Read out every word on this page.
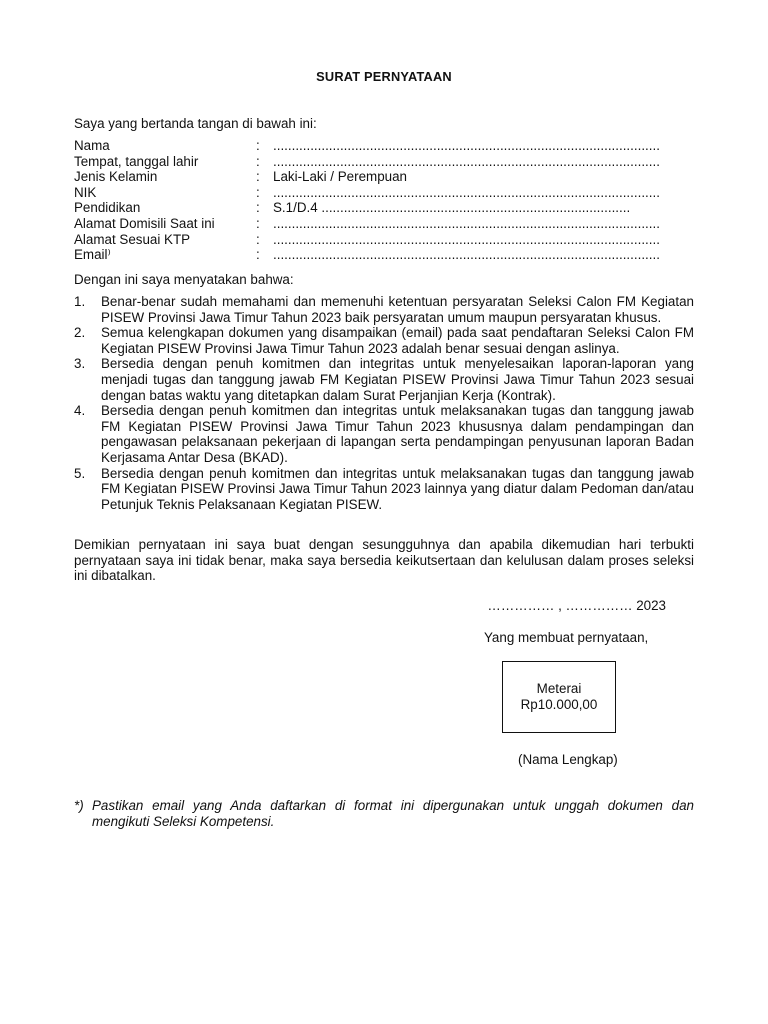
SURAT PERNYATAAN
Saya yang bertanda tangan di bawah ini:
Nama	: ........................................................................................................
Tempat, tanggal lahir	: ........................................................................................................
Jenis Kelamin	: Laki-Laki / Perempuan
NIK	: ........................................................................................................
Pendidikan	: S.1/D.4 ...................................................................................
Alamat Domisili Saat ini	: ........................................................................................................
Alamat Sesuai KTP	: ........................................................................................................
Email⁾	: ........................................................................................................
Dengan ini saya menyatakan bahwa:
1.	Benar-benar sudah memahami dan memenuhi ketentuan persyaratan Seleksi Calon FM Kegiatan PISEW Provinsi Jawa Timur Tahun 2023 baik persyaratan umum maupun persyaratan khusus.
2.	Semua kelengkapan dokumen yang disampaikan (email) pada saat pendaftaran Seleksi Calon FM Kegiatan PISEW Provinsi Jawa Timur Tahun 2023 adalah benar sesuai dengan aslinya.
3.	Bersedia dengan penuh komitmen dan integritas untuk menyelesaikan laporan-laporan yang menjadi tugas dan tanggung jawab FM Kegiatan PISEW Provinsi Jawa Timur Tahun 2023 sesuai dengan batas waktu yang ditetapkan dalam Surat Perjanjian Kerja (Kontrak).
4.	Bersedia dengan penuh komitmen dan integritas untuk melaksanakan tugas dan tanggung jawab FM Kegiatan PISEW Provinsi Jawa Timur Tahun 2023 khususnya dalam pendampingan dan pengawasan pelaksanaan pekerjaan di lapangan serta pendampingan penyusunan laporan Badan Kerjasama Antar Desa (BKAD).
5.	Bersedia dengan penuh komitmen dan integritas untuk melaksanakan tugas dan tanggung jawab FM Kegiatan PISEW Provinsi Jawa Timur Tahun 2023 lainnya yang diatur dalam Pedoman dan/atau Petunjuk Teknis Pelaksanaan Kegiatan PISEW.
Demikian pernyataan ini saya buat dengan sesungguhnya dan apabila dikemudian hari terbukti pernyataan saya ini tidak benar, maka saya bersedia keikutsertaan dan kelulusan dalam proses seleksi ini dibatalkan.
…………… , …………… 2023
Yang membuat pernyataan,
Meterai
Rp10.000,00
(Nama Lengkap)
*) Pastikan email yang Anda daftarkan di format ini dipergunakan untuk unggah dokumen dan mengikuti Seleksi Kompetensi.
